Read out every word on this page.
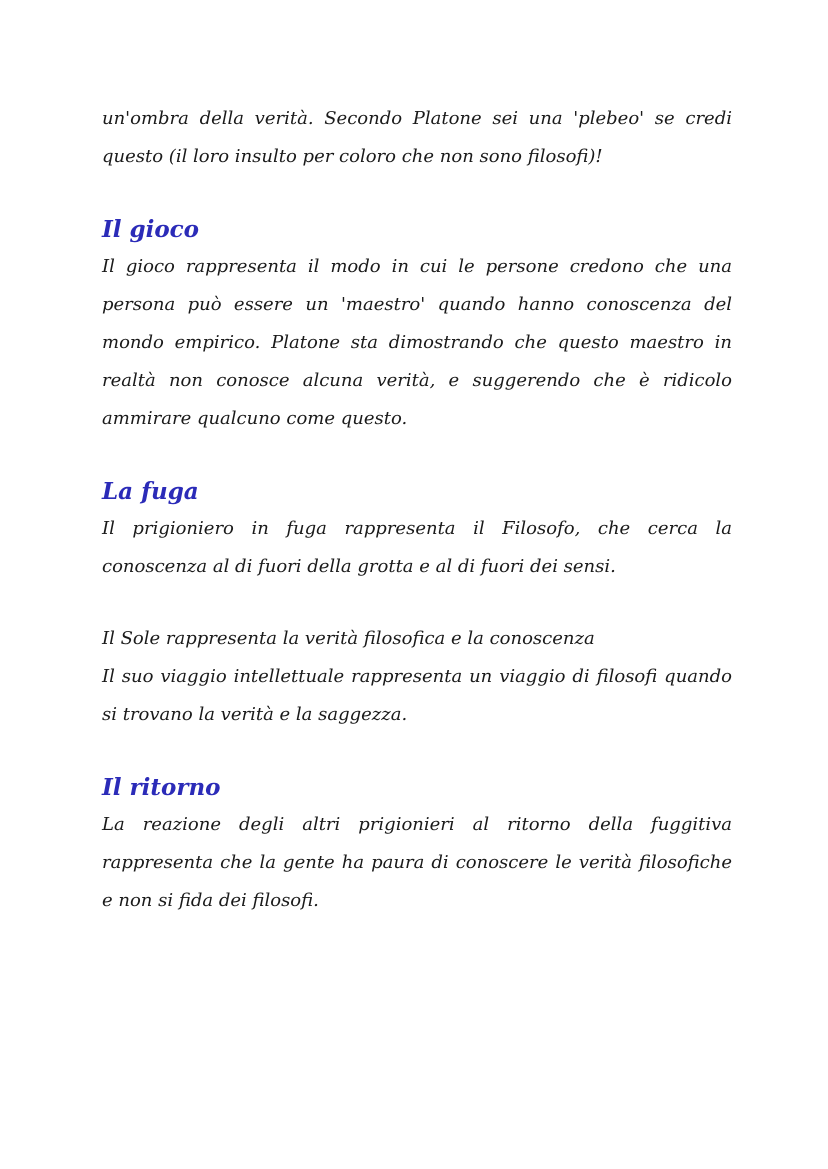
un'ombra della verità. Secondo Platone sei una 'plebeo' se credi questo (il loro insulto per coloro che non sono filosofi)!

Il gioco

Il gioco rappresenta il modo in cui le persone credono che una persona può essere un 'maestro' quando hanno conoscenza del mondo empirico. Platone sta dimostrando che questo maestro in realtà non conosce alcuna verità, e suggerendo che è ridicolo ammirare qualcuno come questo.

La fuga

Il prigioniero in fuga rappresenta il Filosofo, che cerca la conoscenza al di fuori della grotta e al di fuori dei sensi.

Il Sole rappresenta la verità filosofica e la conoscenza

Il suo viaggio intellettuale rappresenta un viaggio di filosofi quando si trovano la verità e la saggezza.

Il ritorno

La reazione degli altri prigionieri al ritorno della fuggitiva rappresenta che la gente ha paura di conoscere le verità filosofiche e non si fida dei filosofi.
